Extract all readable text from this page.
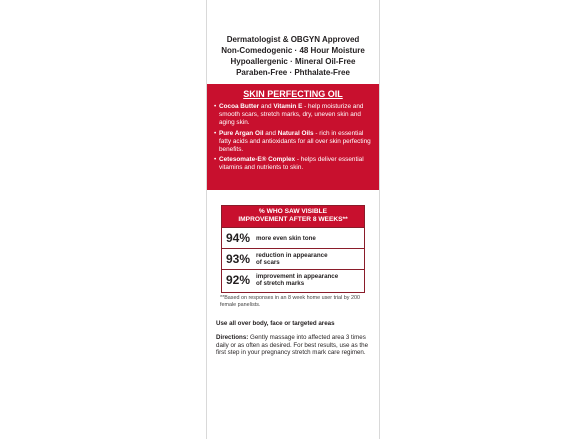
Dermatologist & OBGYN Approved
Non-Comedogenic · 48 Hour Moisture
Hypoallergenic · Mineral Oil-Free
Paraben-Free · Phthalate-Free
SKIN PERFECTING OIL
• Cocoa Butter and Vitamin E - help moisturize and smooth scars, stretch marks, dry, uneven skin and aging skin.
• Pure Argan Oil and Natural Oils - rich in essential fatty acids and antioxidants for all over skin perfecting benefits.
• Cetesomate-E® Complex - helps deliver essential vitamins and nutrients to skin.
% WHO SAW VISIBLE
IMPROVEMENT AFTER 8 WEEKS**
94% more even skin tone
93% reduction in appearance
of scars
92% improvement in appearance
of stretch marks
**Based on responses in an 8 week home user trial by 200 female panelists.
Use all over body, face or targeted areas
Directions: Gently massage into affected area 3 times daily or as often as desired. For best results, use as the first step in your pregnancy stretch mark care regimen.
